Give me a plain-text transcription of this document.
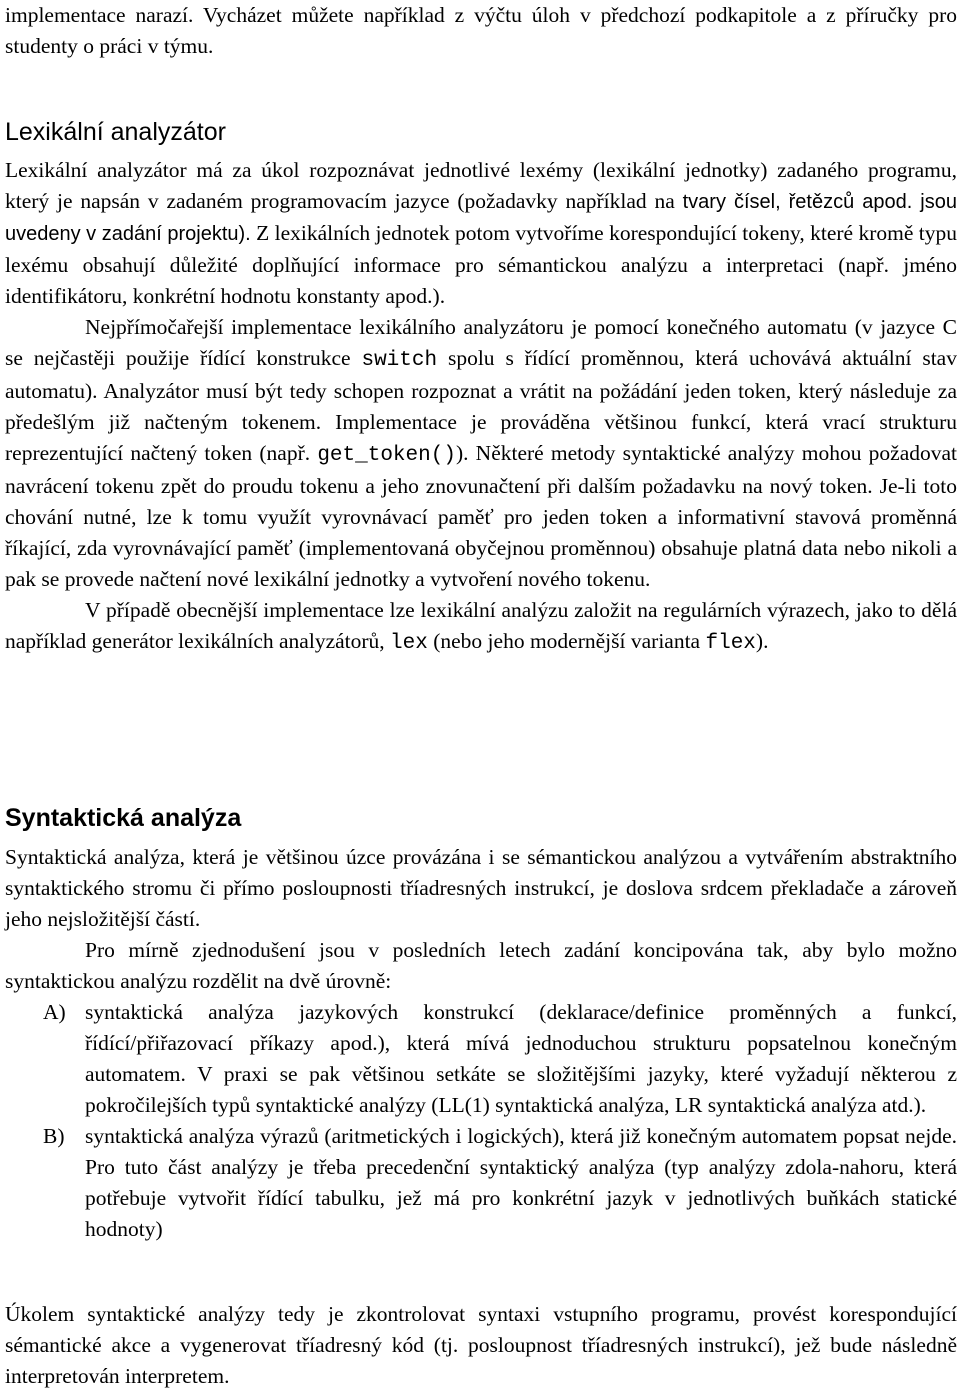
implementace narazí. Vycházet můžete například z výčtu úloh v předchozí podkapitole a z příručky pro studenty o práci v týmu.

Lexikální analyzátor

Lexikální analyzátor má za úkol rozpoznávat jednotlivé lexémy (lexikální jednotky) zadaného programu, který je napsán v zadaném programovacím jazyce (požadavky například na tvary čísel, řetězců apod. jsou uvedeny v zadání projektu). Z lexikálních jednotek potom vytvoříme korespondující tokeny, které kromě typu lexému obsahují důležité doplňující informace pro sémantickou analýzu a interpretaci (např. jméno identifikátoru, konkrétní hodnotu konstanty apod.).

Nejpřímočařejší implementace lexikálního analyzátoru je pomocí konečného automatu (v jazyce C se nejčastěji použije řídící konstrukce switch spolu s řídící proměnnou, která uchovává aktuální stav automatu). Analyzátor musí být tedy schopen rozpoznat a vrátit na požádání jeden token, který následuje za předešlým již načteným tokenem. Implementace je prováděna většinou funkcí, která vrací strukturu reprezentující načtený token (např. get_token()). Některé metody syntaktické analýzy mohou požadovat navrácení tokenu zpět do proudu tokenu a jeho znovunačtení při dalším požadavku na nový token. Je-li toto chování nutné, lze k tomu využít vyrovnávací paměť pro jeden token a informativní stavová proměnná říkající, zda vyrovnávající paměť (implementovaná obyčejnou proměnnou) obsahuje platná data nebo nikoli a pak se provede načtení nové lexikální jednotky a vytvoření nového tokenu.

V případě obecnější implementace lze lexikální analýzu založit na regulárních výrazech, jako to dělá například generátor lexikálních analyzátorů, lex (nebo jeho modernější varianta flex).

Syntaktická analýza

Syntaktická analýza, která je většinou úzce provázána i se sémantickou analýzou a vytvářením abstraktního syntaktického stromu či přímo posloupnosti tříadresných instrukcí, je doslova srdcem překladače a zároveň jeho nejsložitější částí.

Pro mírně zjednodušení jsou v posledních letech zadání koncipována tak, aby bylo možno syntaktickou analýzu rozdělit na dvě úrovně:

A) syntaktická analýza jazykových konstrukcí (deklarace/definice proměnných a funkcí, řídící/přiřazovací příkazy apod.), která mívá jednoduchou strukturu popsatelnou konečným automatem. V praxi se pak většinou setkáte se složitějšími jazyky, které vyžadují některou z pokročilejších typů syntaktické analýzy (LL(1) syntaktická analýza, LR syntaktická analýza atd.).

B) syntaktická analýza výrazů (aritmetických i logických), která již konečným automatem popsat nejde. Pro tuto část analýzy je třeba precedenční syntaktický analýza (typ analýzy zdola-nahoru, která potřebuje vytvořit řídící tabulku, jež má pro konkrétní jazyk v jednotlivých buňkách statické hodnoty)

Úkolem syntaktické analýzy tedy je zkontrolovat syntaxi vstupního programu, provést korespondující sémantické akce a vygenerovat tříadresný kód (tj. posloupnost tříadresných instrukcí), jež bude následně interpretován interpretem.
